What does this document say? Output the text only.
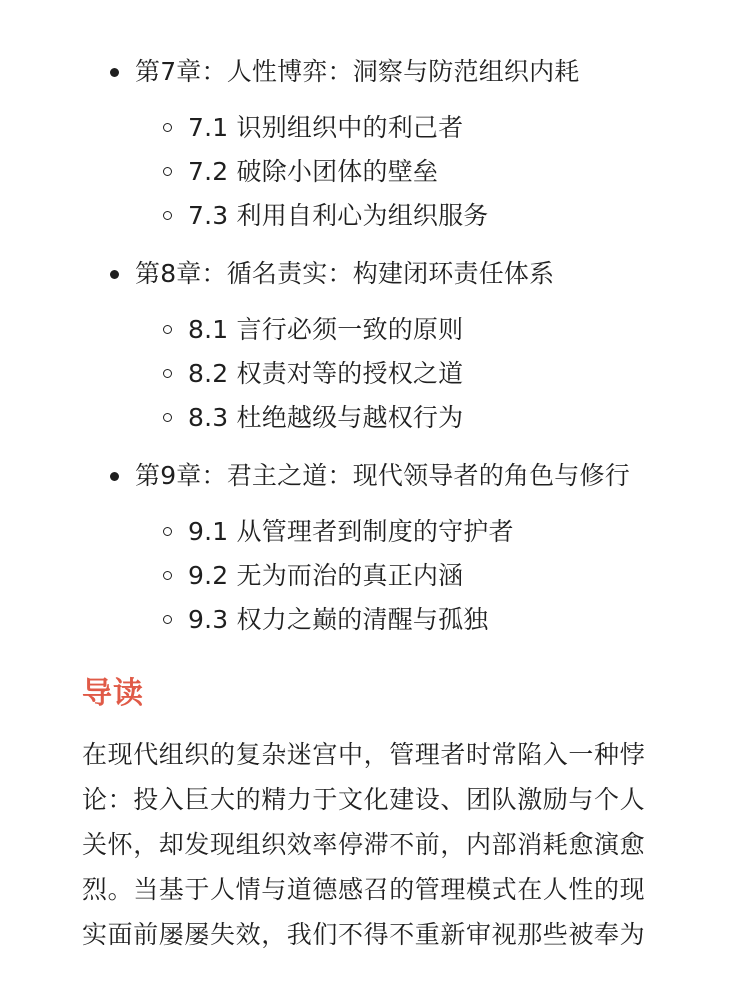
第7章：人性博弈：洞察与防范组织内耗
7.1 识别组织中的利己者
7.2 破除小团体的壁垒
7.3 利用自利心为组织服务
第8章：循名责实：构建闭环责任体系
8.1 言行必须一致的原则
8.2 权责对等的授权之道
8.3 杜绝越级与越权行为
第9章：君主之道：现代领导者的角色与修行
9.1 从管理者到制度的守护者
9.2 无为而治的真正内涵
9.3 权力之巅的清醒与孤独
导读
在现代组织的复杂迷宫中，管理者时常陷入一种悖
论：投入巨大的精力于文化建设、团队激励与个人
关怀，却发现组织效率停滞不前，内部消耗愈演愈
烈。当基于人情与道德感召的管理模式在人性的现
实面前屡屡失效，我们不得不重新审视那些被奉为
